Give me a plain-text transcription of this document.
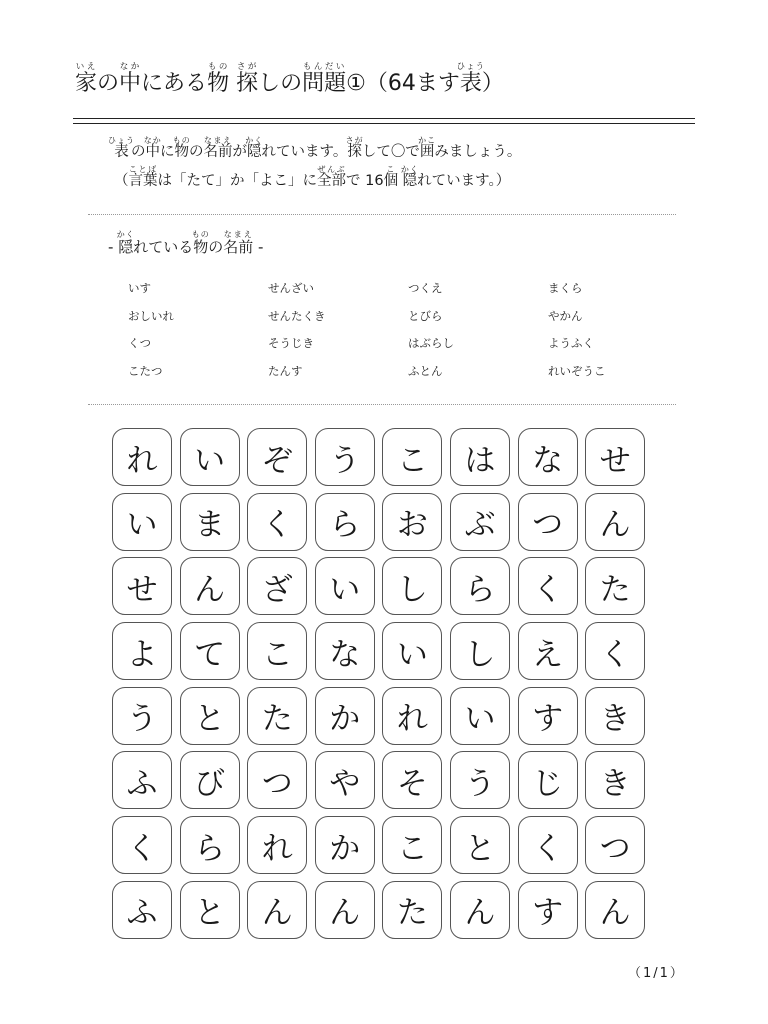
家いえの中なかにある物もの 探さがしの問題もんだい①（64ます表ひょう）
表ひょうの中なかに物ものの名前なまえが隠かくれています。探さがして〇で囲かこみましょう。
（言葉ことばは「たて」か「よこ」に全部ぜんぶで 16個こ 隠かくれています。）
- 隠かくれている物ものの名前なまえ -
いす	せんざい	つくえ	まくら
おしいれ	せんたくき	とびら	やかん
くつ	そうじき	はぶらし	ようふく
こたつ	たんす	ふとん	れいぞうこ
れ	い	ぞ	う	こ	は	な	せ
い	ま	く	ら	お	ぶ	つ	ん
せ	ん	ざ	い	し	ら	く	た
よ	て	こ	な	い	し	え	く
う	と	た	か	れ	い	す	き
ふ	び	つ	や	そ	う	じ	き
く	ら	れ	か	こ	と	く	つ
ふ	と	ん	ん	た	ん	す	ん
（1/1）
